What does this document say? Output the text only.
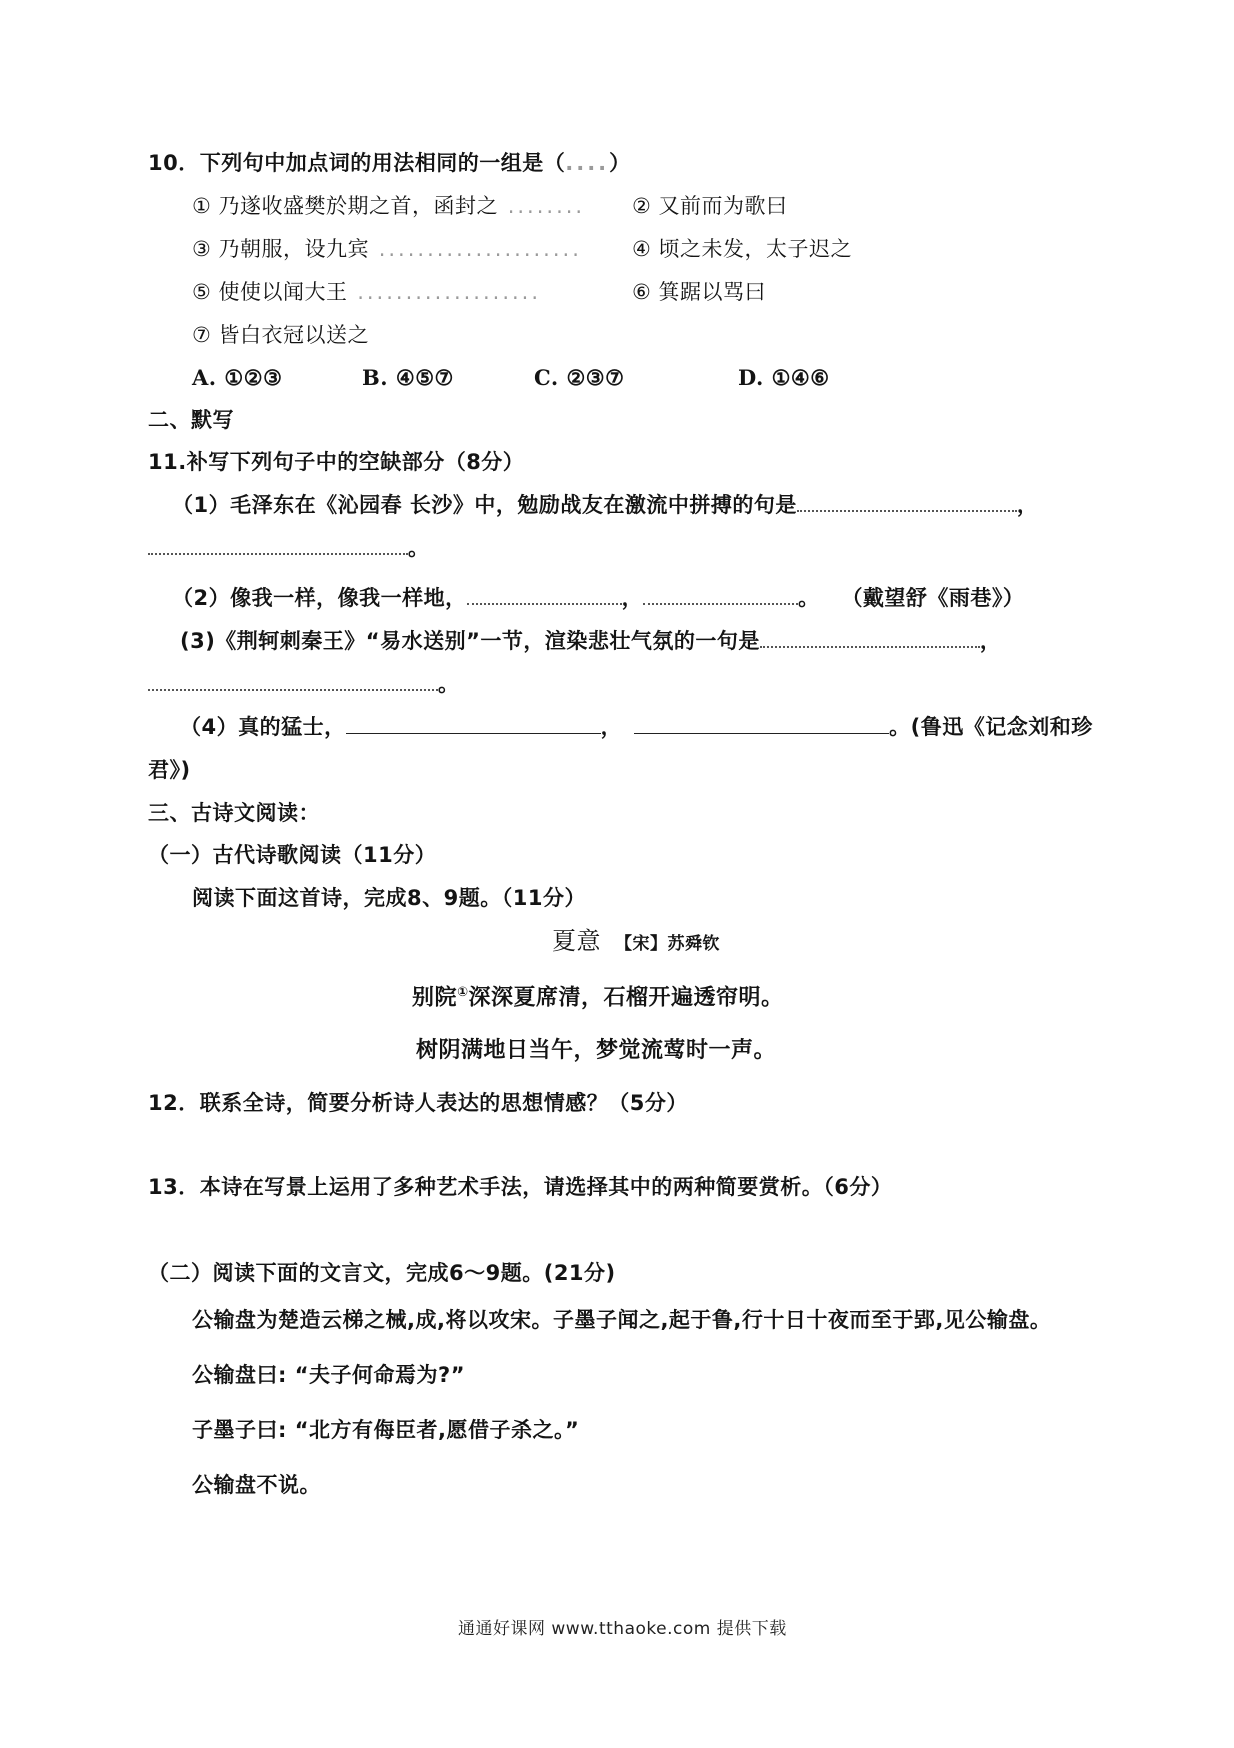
10．下列句中加点词的用法相同的一组是（....）
① 乃遂收盛樊於期之首，函封之 ........ ② 又前而为歌曰
③ 乃朝服，设九宾 ..................... ④ 顷之未发，太子迟之
⑤ 使使以闻大王 ...................	⑥ 箕踞以骂曰
⑦ 皆白衣冠以送之
A. ①②③	B. ④⑤⑦	C. ②③⑦	D. ①④⑥
二、默写
11.补写下列句子中的空缺部分（8分）
（1）毛泽东在《沁园春 长沙》中，勉励战友在激流中拼搏的句是	，
。
（2）像我一样，像我一样地，	，	。 （戴望舒《雨巷》）
(3)《荆轲刺秦王》“易水送别”一节，渲染悲壮气氛的一句是	，
。
（4）真的猛士，	，	。(鲁迅《记念刘和珍
君》)
三、古诗文阅读：
（一）古代诗歌阅读（11分）
阅读下面这首诗，完成8、9题。（11分）
夏意 【宋】苏舜钦
别院①深深夏席清，石榴开遍透帘明。
树阴满地日当午，梦觉流莺时一声。
12．联系全诗，简要分析诗人表达的思想情感？（5分）
13．本诗在写景上运用了多种艺术手法，请选择其中的两种简要赏析。（6分）
（二）阅读下面的文言文，完成6～9题。(21分)
公输盘为楚造云梯之械,成,将以攻宋。子墨子闻之,起于鲁,行十日十夜而至于郢,见公输盘。
公输盘曰: “夫子何命焉为?”
子墨子曰: “北方有侮臣者,愿借子杀之。”
公输盘不说。
通通好课网 www.tthaoke.com 提供下载
